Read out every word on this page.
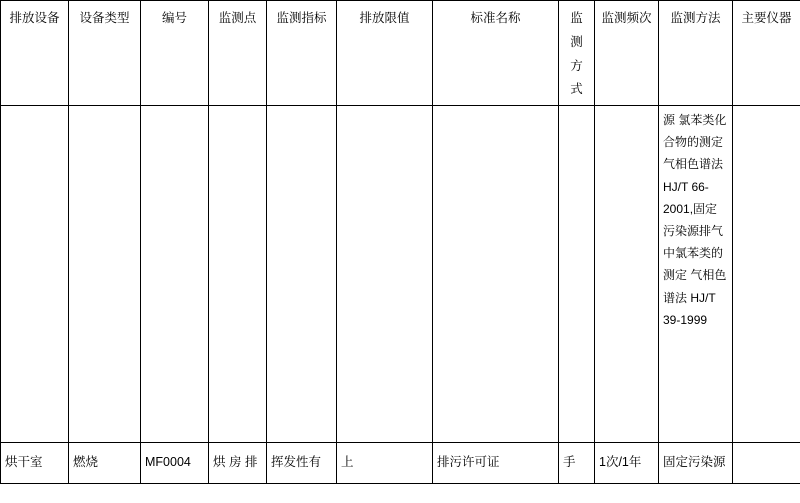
排放设备	设备类型	编号	监测点	监测指标	排放限值	标准名称	监 测 方 式	监测频次	监测方法	主要仪器
									源 氯苯类化合物的测定 气相色谱法 HJ/T 66-2001,固定污染源排气中氯苯类的测定 气相色谱法 HJ/T 39-1999	
烘干室	燃烧	MF0004	烘 房 排	挥发性有	上	排污许可证	手	1次/1年	固定污染源	
